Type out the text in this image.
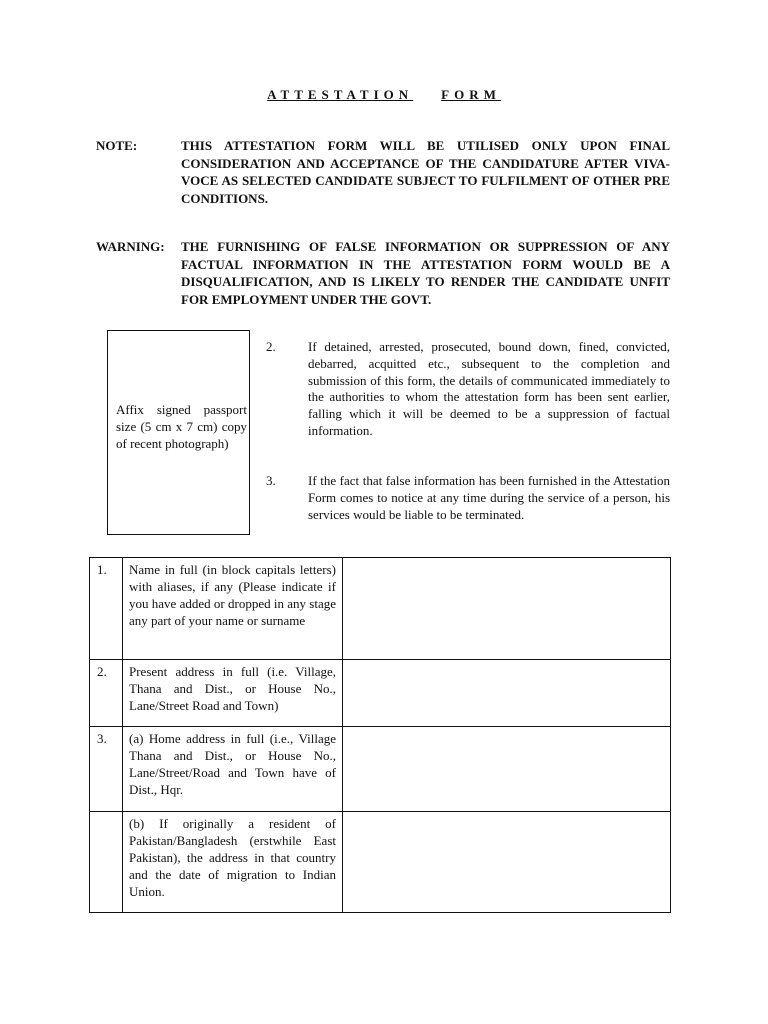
ATTESTATION FORM
NOTE:	THIS ATTESTATION FORM WILL BE UTILISED ONLY UPON FINAL CONSIDERATION AND ACCEPTANCE OF THE CANDIDATURE AFTER VIVA-VOCE AS SELECTED CANDIDATE SUBJECT TO FULFILMENT OF OTHER PRE CONDITIONS.
WARNING: THE FURNISHING OF FALSE INFORMATION OR SUPPRESSION OF ANY FACTUAL INFORMATION IN THE ATTESTATION FORM WOULD BE A DISQUALIFICATION, AND IS LIKELY TO RENDER THE CANDIDATE UNFIT FOR EMPLOYMENT UNDER THE GOVT.
Affix signed passport size (5 cm x 7 cm) copy of recent photograph)
2. If detained, arrested, prosecuted, bound down, fined, convicted, debarred, acquitted etc., subsequent to the completion and submission of this form, the details of communicated immediately to the authorities to whom the attestation form has been sent earlier, falling which it will be deemed to be a suppression of factual information.
3. If the fact that false information has been furnished in the Attestation Form comes to notice at any time during the service of a person, his services would be liable to be terminated.
1.	Name in full (in block capitals letters) with aliases, if any (Please indicate if you have added or dropped in any stage any part of your name or surname	
2.	Present address in full (i.e. Village, Thana and Dist., or House No., Lane/Street Road and Town)	
3.	(a) Home address in full (i.e., Village Thana and Dist., or House No., Lane/Street/Road and Town have of Dist., Hqr.	
	(b) If originally a resident of Pakistan/Bangladesh (erstwhile East Pakistan), the address in that country and the date of migration to Indian Union.	
